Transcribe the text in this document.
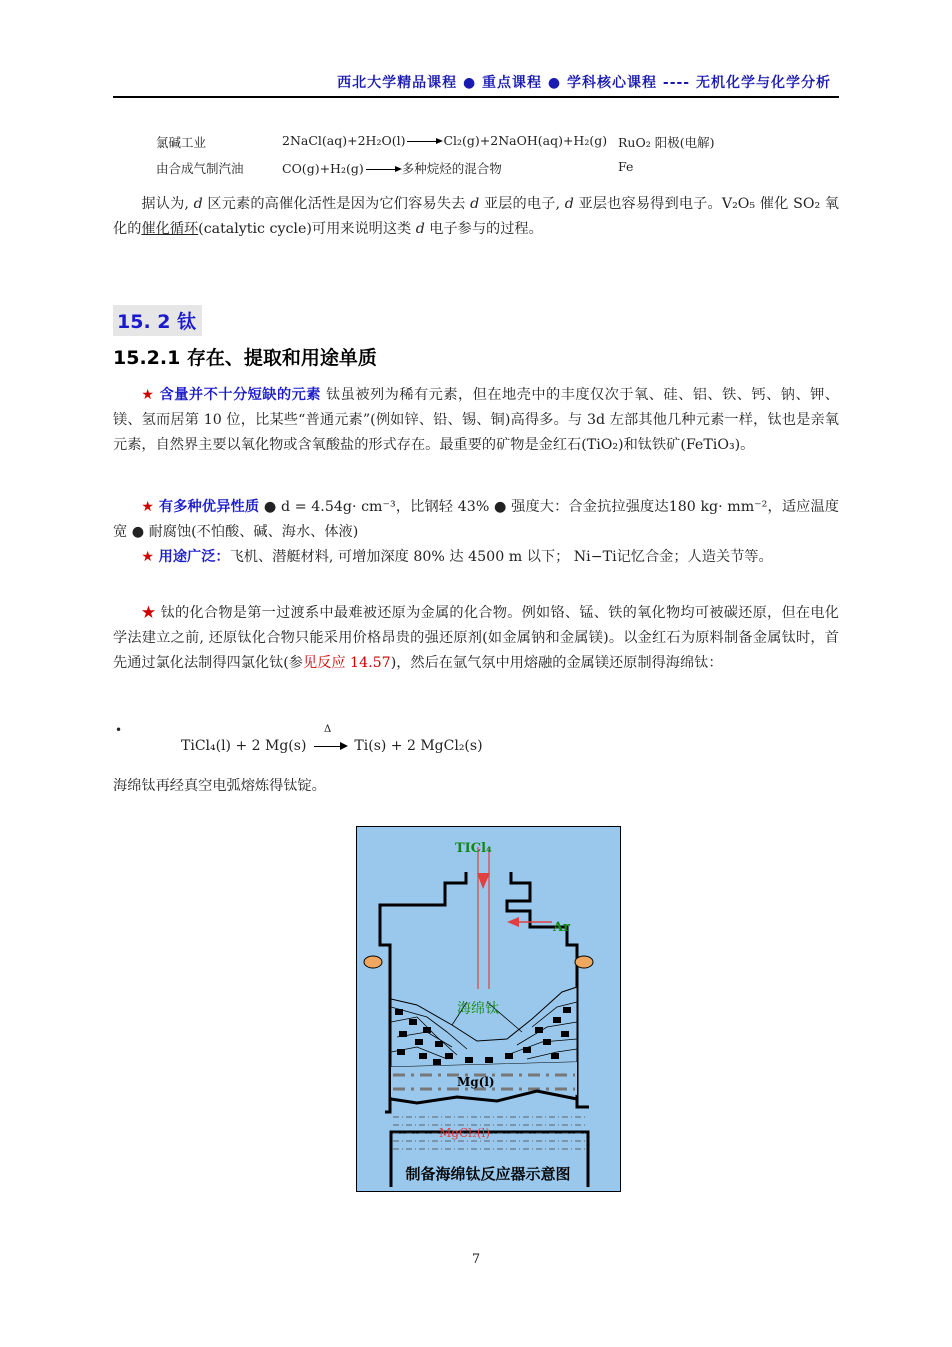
西北大学精品课程 ● 重点课程 ● 学科核心课程 ---- 无机化学与化学分析
氯碱工业	2NaCl(aq)+2H₂O(l)	Cl₂(g)+2NaOH(aq)+H₂(g) RuO₂ 阳极(电解)
由合成气制汽油	CO(g)+H₂(g)	多种烷烃的混合物	Fe

据认为, d 区元素的高催化活性是因为它们容易失去 d 亚层的电子, d 亚层也容易得到电子。V₂O₅ 催化 SO₂ 氧化的催化循环(catalytic cycle)可用来说明这类 d 电子参与的过程。

15. 2 钛
15.2.1 存在、提取和用途单质

★ 含量并不十分短缺的元素 钛虽被列为稀有元素，但在地壳中的丰度仅次于氧、硅、铝、铁、钙、钠、钾、镁、氢而居第 10 位，比某些“普通元素”(例如锌、铅、锡、铜)高得多。与 3d 左部其他几种元素一样，钛也是亲氧元素，自然界主要以氧化物或含氧酸盐的形式存在。最重要的矿物是金红石(TiO₂)和钛铁矿(FeTiO₃)。

★ 有多种优异性质 ● d = 4.54g· cm⁻³，比钢轻 43% ● 强度大：合金抗拉强度达180 kg· mm⁻²，适应温度宽 ● 耐腐蚀(不怕酸、碱、海水、体液)

★ 用途广泛：飞机、潜艇材料, 可增加深度 80% 达 4500 m 以下； Ni−Ti记忆合金；人造关节等。

★ 钛的化合物是第一过渡系中最难被还原为金属的化合物。例如铬、锰、铁的氧化物均可被碳还原，但在电化学法建立之前, 还原钛化合物只能采用价格昂贵的强还原剂(如金属钠和金属镁)。以金红石为原料制备金属钛时，首先通过氯化法制得四氯化钛(参见反应 14.57)，然后在氩气氛中用熔融的金属镁还原制得海绵钛：

•
TiCl₄(l) + 2 Mg(s)	Ti(s) + 2 MgCl₂(s)
Δ
海绵钛再经真空电弧熔炼得钛锭。
TICl₄
Ar
海绵钛
Mg(l)
MgCl₂(l)
制备海绵钛反应器示意图
7
